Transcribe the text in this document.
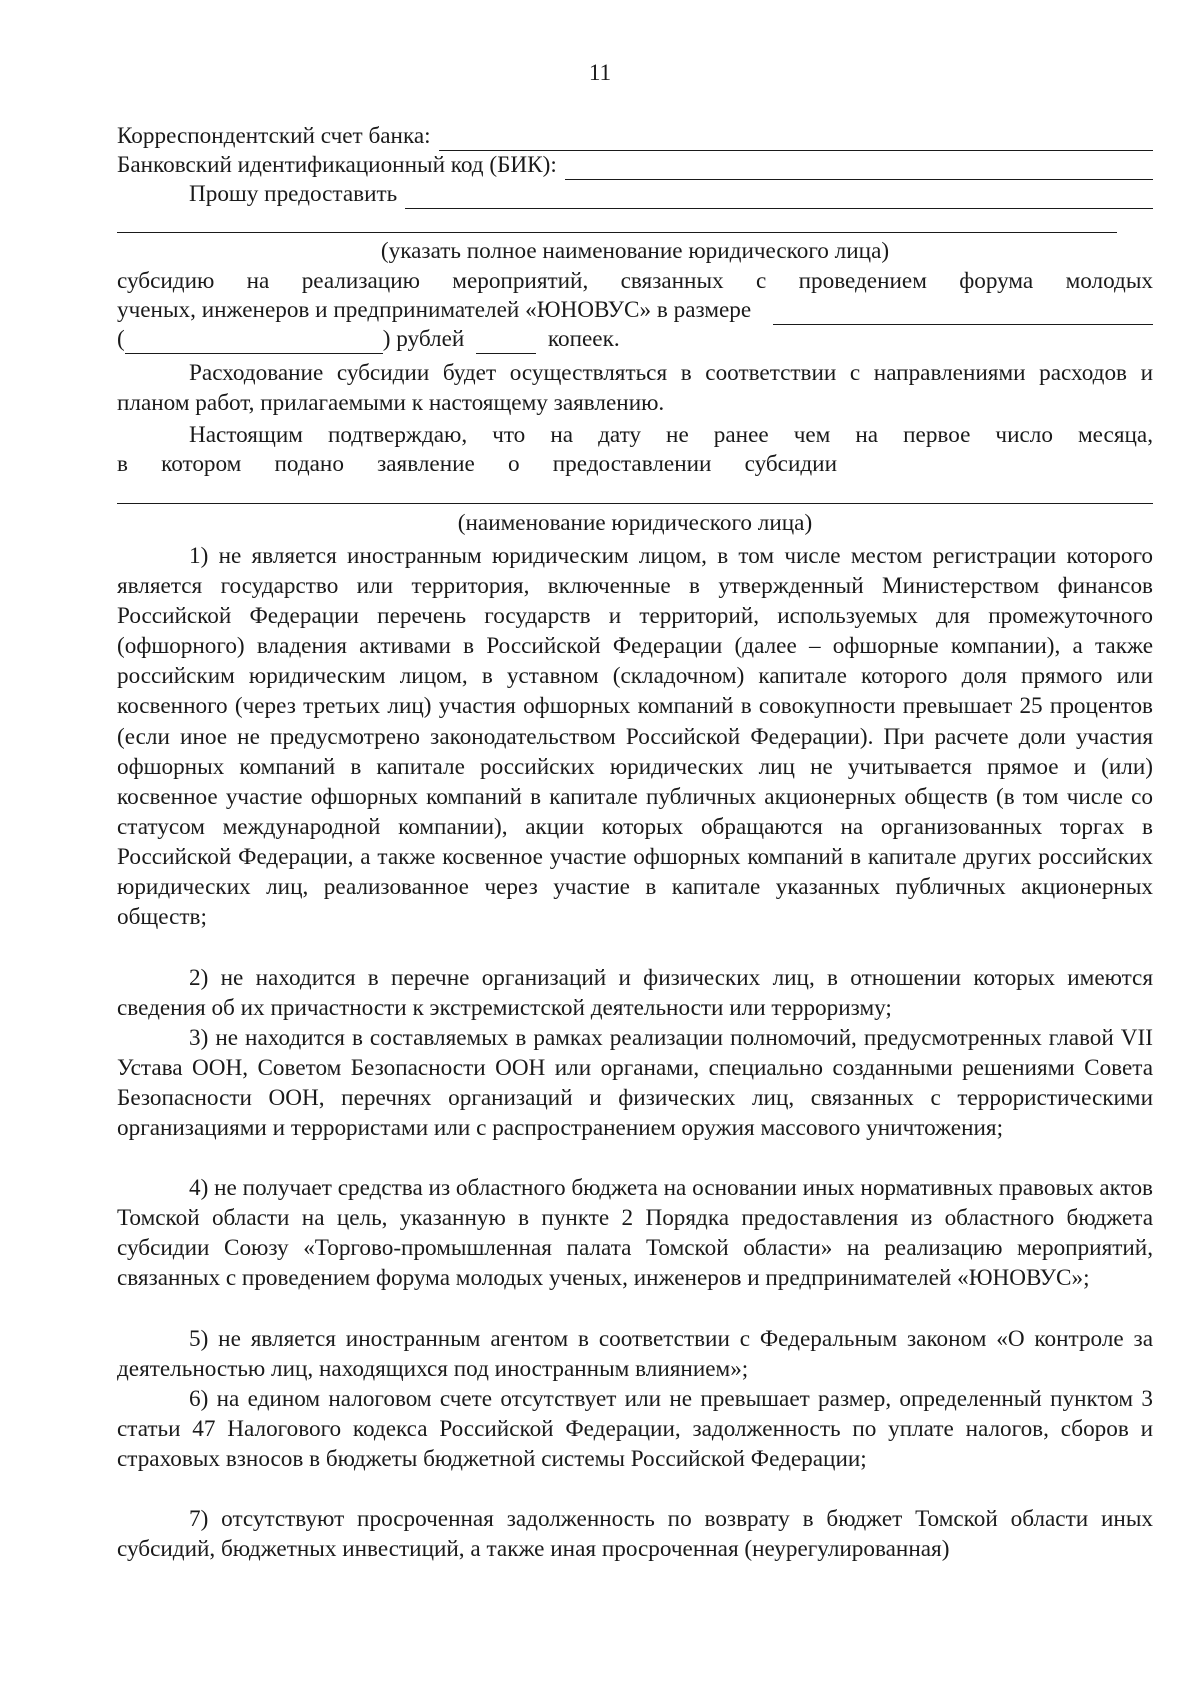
11
Корреспондентский счет банка:
Банковский идентификационный код (БИК):
Прошу предоставить
(указать полное наименование юридического лица)
субсидию на реализацию мероприятий, связанных с проведением форума молодых
ученых, инженеров и предпринимателей «ЮНОВУС» в размере
(	) рублей	копеек.
Расходование субсидии будет осуществляться в соответствии с направлениями расходов и планом работ, прилагаемыми к настоящему заявлению.
Настоящим подтверждаю, что на дату не ранее чем на первое число месяца,
в котором подано заявление о предоставлении субсидии
(наименование юридического лица)
1) не является иностранным юридическим лицом, в том числе местом регистрации которого является государство или территория, включенные в утвержденный Министерством финансов Российской Федерации перечень государств и территорий, используемых для промежуточного (офшорного) владения активами в Российской Федерации (далее – офшорные компании), а также российским юридическим лицом, в уставном (складочном) капитале которого доля прямого или косвенного (через третьих лиц) участия офшорных компаний в совокупности превышает 25 процентов (если иное не предусмотрено законодательством Российской Федерации). При расчете доли участия офшорных компаний в капитале российских юридических лиц не учитывается прямое и (или) косвенное участие офшорных компаний в капитале публичных акционерных обществ (в том числе со статусом международной компании), акции которых обращаются на организованных торгах в Российской Федерации, а также косвенное участие офшорных компаний в капитале других российских юридических лиц, реализованное через участие в капитале указанных публичных акционерных обществ;
2) не находится в перечне организаций и физических лиц, в отношении которых имеются сведения об их причастности к экстремистской деятельности или терроризму;
3) не находится в составляемых в рамках реализации полномочий, предусмотренных главой VII Устава ООН, Советом Безопасности ООН или органами, специально созданными решениями Совета Безопасности ООН, перечнях организаций и физических лиц, связанных с террористическими организациями и террористами или с распространением оружия массового уничтожения;
4) не получает средства из областного бюджета на основании иных нормативных правовых актов Томской области на цель, указанную в пункте 2 Порядка предоставления из областного бюджета субсидии Союзу «Торгово-промышленная палата Томской области» на реализацию мероприятий, связанных с проведением форума молодых ученых, инженеров и предпринимателей «ЮНОВУС»;
5) не является иностранным агентом в соответствии с Федеральным законом «О контроле за деятельностью лиц, находящихся под иностранным влиянием»;
6) на едином налоговом счете отсутствует или не превышает размер, определенный пунктом 3 статьи 47 Налогового кодекса Российской Федерации, задолженность по уплате налогов, сборов и страховых взносов в бюджеты бюджетной системы Российской Федерации;
7) отсутствуют просроченная задолженность по возврату в бюджет Томской области иных субсидий, бюджетных инвестиций, а также иная просроченная (неурегулированная)
